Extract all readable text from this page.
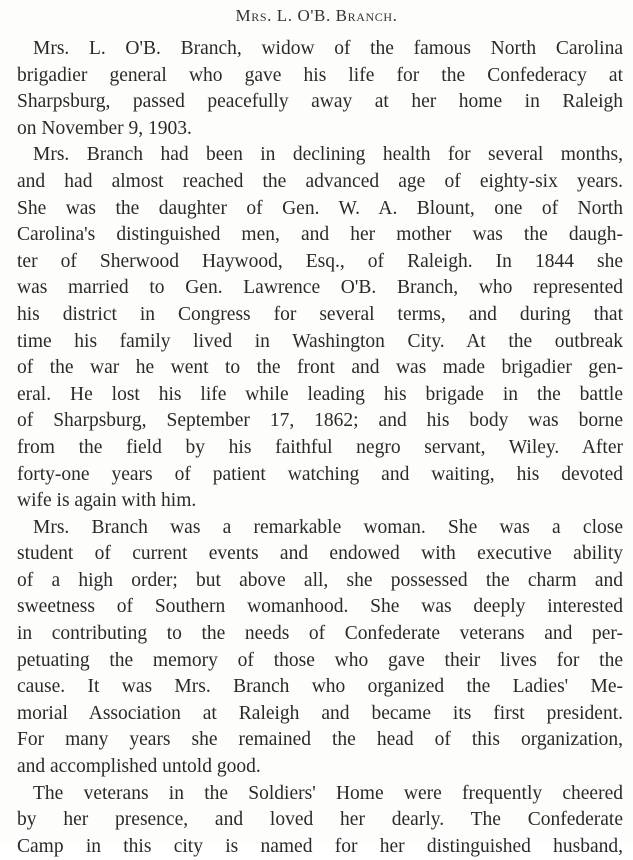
Mrs. L. O'B. Branch.
Mrs. L. O'B. Branch, widow of the famous North Carolina
brigadier general who gave his life for the Confederacy at
Sharpsburg, passed peacefully away at her home in Raleigh
on November 9, 1903.
Mrs. Branch had been in declining health for several months,
and had almost reached the advanced age of eighty-six years.
She was the daughter of Gen. W. A. Blount, one of North
Carolina's distinguished men, and her mother was the daugh-
ter of Sherwood Haywood, Esq., of Raleigh. In 1844 she
was married to Gen. Lawrence O'B. Branch, who represented
his district in Congress for several terms, and during that
time his family lived in Washington City. At the outbreak
of the war he went to the front and was made brigadier gen-
eral. He lost his life while leading his brigade in the battle
of Sharpsburg, September 17, 1862; and his body was borne
from the field by his faithful negro servant, Wiley. After
forty-one years of patient watching and waiting, his devoted
wife is again with him.
Mrs. Branch was a remarkable woman. She was a close
student of current events and endowed with executive ability
of a high order; but above all, she possessed the charm and
sweetness of Southern womanhood. She was deeply interested
in contributing to the needs of Confederate veterans and per-
petuating the memory of those who gave their lives for the
cause. It was Mrs. Branch who organized the Ladies' Me-
morial Association at Raleigh and became its first president.
For many years she remained the head of this organization,
and accomplished untold good.
The veterans in the Soldiers' Home were frequently cheered
by her presence, and loved her dearly. The Confederate
Camp in this city is named for her distinguished husband,
